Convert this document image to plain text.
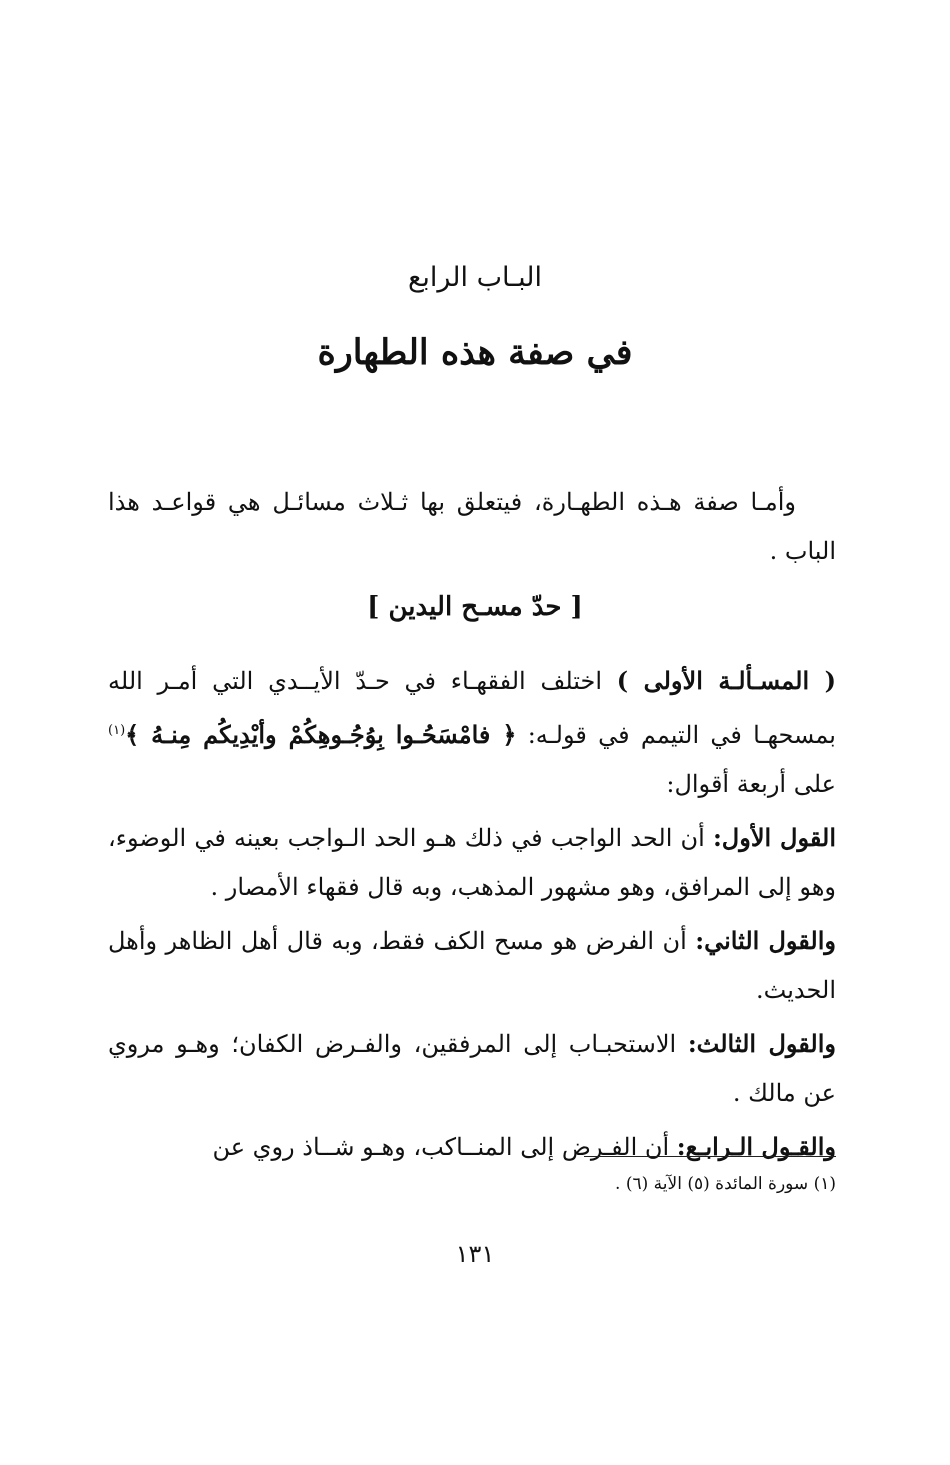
البـاب الرابع
في صفة هذه الطهارة

وأمـا صفة هـذه الطهـارة، فيتعلق بها ثـلاث مسائـل هي قواعـد هذا الباب .

[ حدّ مسـح اليدين ]

( المسـألـة الأولى ) اختلف الفقهـاء في حـدّ الأيــدي التي أمـر الله بمسحهـا في التيمم في قولـه: ﴿ فامْسَحُـوا بِوُجُـوهِكُمْ وأيْدِيكُم مِنـهُ ﴾$^{(١)}$ على أربعة أقوال:

القول الأول: أن الحد الواجب في ذلك هـو الحد الـواجب بعينه في الوضوء، وهو إلى المرافق، وهو مشهور المذهب، وبه قال فقهاء الأمصار .

والقول الثاني: أن الفرض هو مسح الكف فقط، وبه قال أهل الظاهر وأهل الحديث.

والقول الثالث: الاستحبـاب إلى المرفقين، والفـرض الكفان؛ وهـو مروي عن مالك .

والقـول الـرابـع: أن الفـرض إلى المنــاكب، وهـو شــاذ روي عن

(١) سورة المائدة (٥) الآية (٦) .
١٣١
